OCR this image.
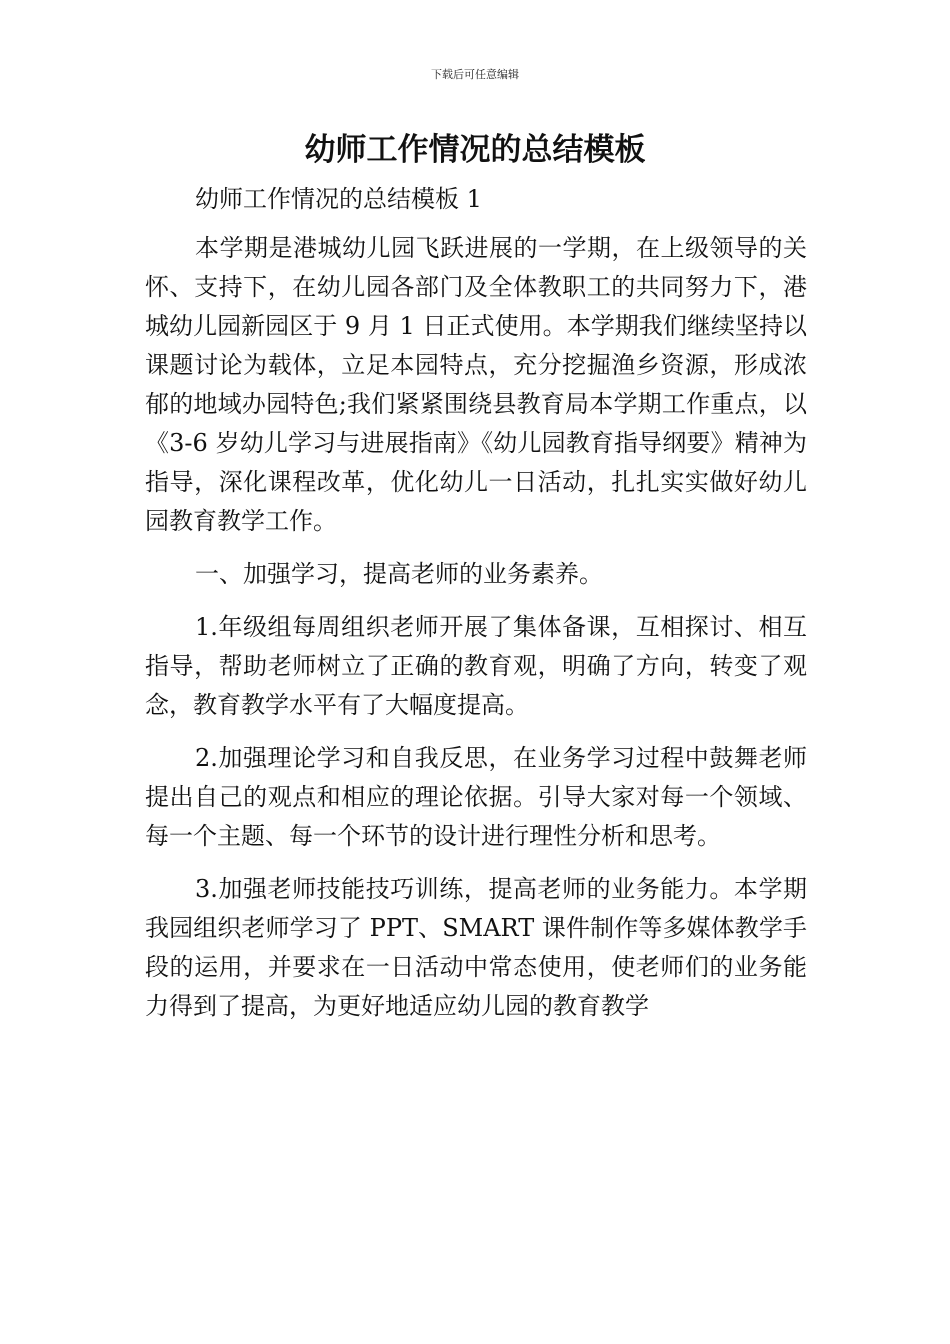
下载后可任意编辑
幼师工作情况的总结模板

幼师工作情况的总结模板 1

本学期是港城幼儿园飞跃进展的一学期，在上级领导的关怀、支持下，在幼儿园各部门及全体教职工的共同努力下，港城幼儿园新园区于 9 月 1 日正式使用。本学期我们继续坚持以课题讨论为载体，立足本园特点，充分挖掘渔乡资源，形成浓郁的地域办园特色;我们紧紧围绕县教育局本学期工作重点，以《3-6 岁幼儿学习与进展指南》《幼儿园教育指导纲要》精神为指导，深化课程改革，优化幼儿一日活动，扎扎实实做好幼儿园教育教学工作。

一、加强学习，提高老师的业务素养。

1.年级组每周组织老师开展了集体备课，互相探讨、相互指导，帮助老师树立了正确的教育观，明确了方向，转变了观念，教育教学水平有了大幅度提高。

2.加强理论学习和自我反思，在业务学习过程中鼓舞老师提出自己的观点和相应的理论依据。引导大家对每一个领域、每一个主题、每一个环节的设计进行理性分析和思考。

3.加强老师技能技巧训练，提高老师的业务能力。本学期我园组织老师学习了 PPT、SMART 课件制作等多媒体教学手段的运用，并要求在一日活动中常态使用，使老师们的业务能力得到了提高，为更好地适应幼儿园的教育教学
